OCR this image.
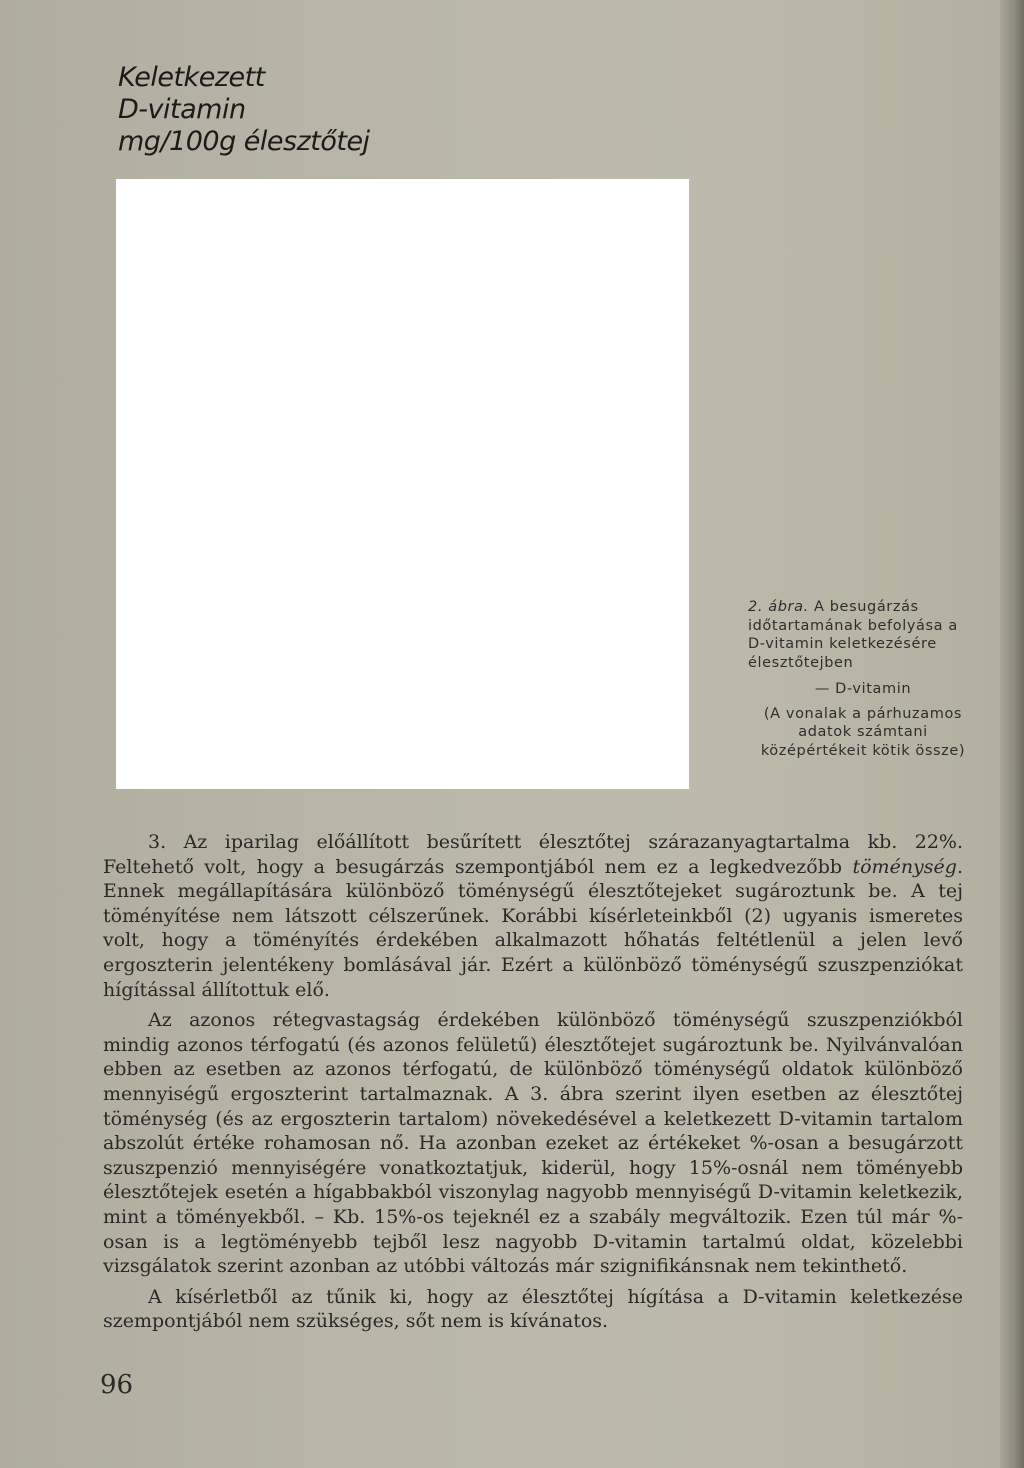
Keletkezett
D-vitamin
mg/100g élesztőtej
2. ábra. A besugárzás időtartamának befolyása a D-vitamin keletkezésére élesztőtejben
— D-vitamin
(A vonalak a párhuzamos adatok számtani középértékeit kötik össze)

3. Az iparilag előállított besűrített élesztőtej szárazanyagtartalma kb. 22%. Feltehető volt, hogy a besugárzás szempontjából nem ez a legkedvezőbb töménység. Ennek megállapítására különböző töménységű élesztőtejeket sugároztunk be. A tej töményítése nem látszott célszerűnek. Korábbi kísérleteinkből (2) ugyanis ismeretes volt, hogy a töményítés érdekében alkalmazott hőhatás feltétlenül a jelen levő ergoszterin jelentékeny bomlásával jár. Ezért a különböző töménységű szuszpenziókat hígítással állítottuk elő.

Az azonos rétegvastagság érdekében különböző töménységű szuszpenziókból mindig azonos térfogatú (és azonos felületű) élesztőtejet sugároztunk be. Nyilvánvalóan ebben az esetben az azonos térfogatú, de különböző töménységű oldatok különböző mennyiségű ergoszterint tartalmaznak. A 3. ábra szerint ilyen esetben az élesztőtej töménység (és az ergoszterin tartalom) növekedésével a keletkezett D-vitamin tartalom abszolút értéke rohamosan nő. Ha azonban ezeket az értékeket %-osan a besugárzott szuszpenzió mennyiségére vonatkoztatjuk, kiderül, hogy 15%-osnál nem töményebb élesztőtejek esetén a hígabbakból viszonylag nagyobb mennyiségű D-vitamin keletkezik, mint a töményekből. – Kb. 15%-os tejeknél ez a szabály megváltozik. Ezen túl már %-osan is a legtöményebb tejből lesz nagyobb D-vitamin tartalmú oldat, közelebbi vizsgálatok szerint azonban az utóbbi változás már szignifikánsnak nem tekinthető.

A kísérletből az tűnik ki, hogy az élesztőtej hígítása a D-vitamin keletkezése szempontjából nem szükséges, sőt nem is kívánatos.

96
